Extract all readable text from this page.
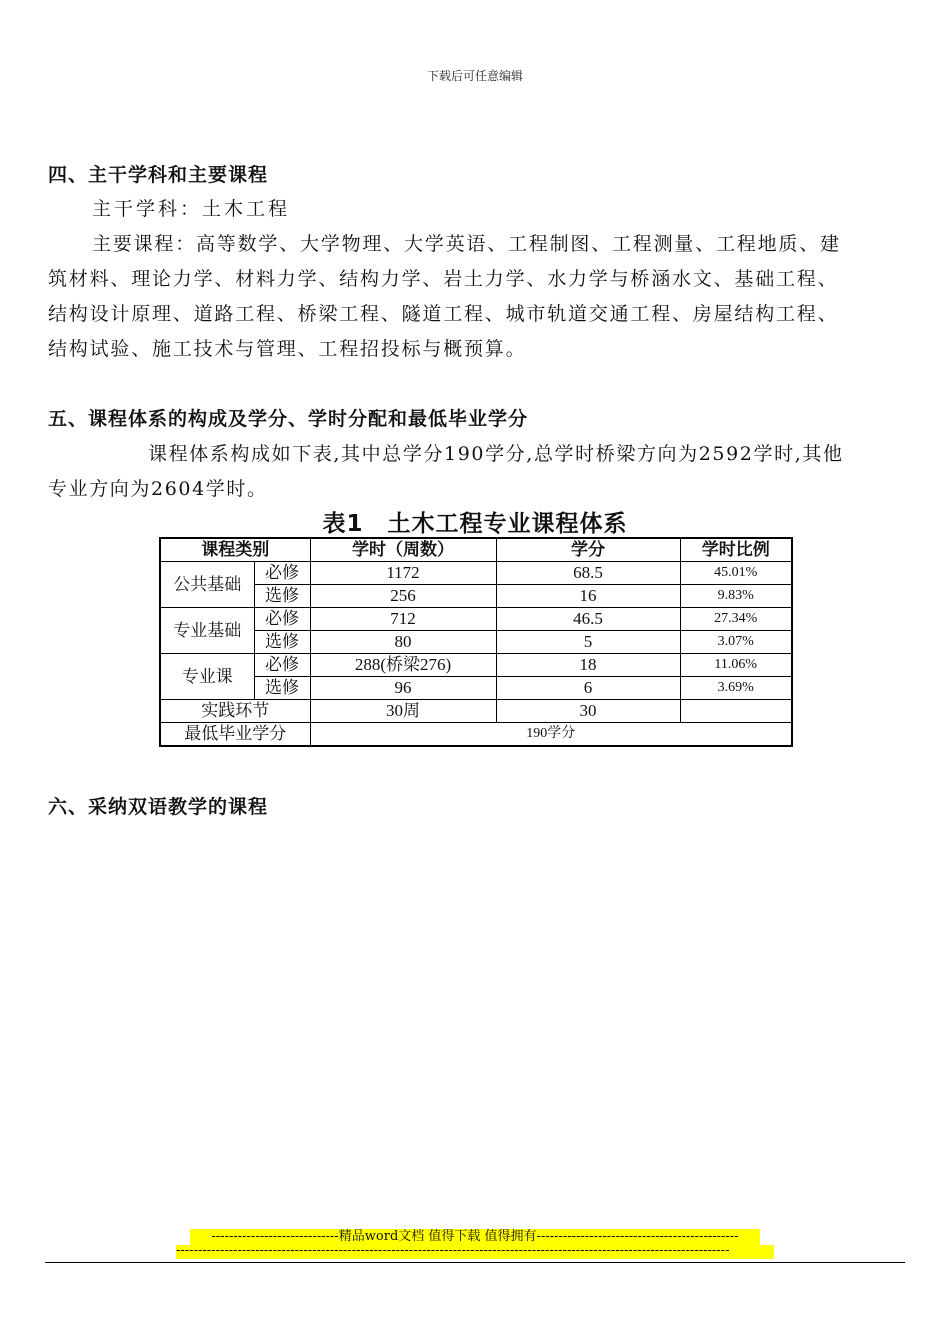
下载后可任意编辑
四、主干学科和主要课程
主干学科：土木工程
主要课程：高等数学、大学物理、大学英语、工程制图、工程测量、工程地质、建
筑材料、理论力学、材料力学、结构力学、岩土力学、水力学与桥涵水文、基础工程、
结构设计原理、道路工程、桥梁工程、隧道工程、城市轨道交通工程、房屋结构工程、
结构试验、施工技术与管理、工程招投标与概预算。
五、课程体系的构成及学分、学时分配和最低毕业学分
课程体系构成如下表,其中总学分190学分,总学时桥梁方向为2592学时,其他
专业方向为2604学时。
表1　土木工程专业课程体系
课程类别		学时（周数）	学分	学时比例
公共基础	必修	1172	68.5	45.01%
	选修	256	16	9.83%
专业基础	必修	712	46.5	27.34%
	选修	80	5	3.07%
专业课	必修	288(桥梁276)	18	11.06%
	选修	96	6	3.69%
实践环节		30周	30	
最低毕业学分		190学分		
六、采纳双语教学的课程
-----------------------------精品word文档 值得下载 值得拥有----------------------------------------------
------------------------------------------------------------------------------------------------------------------------------
